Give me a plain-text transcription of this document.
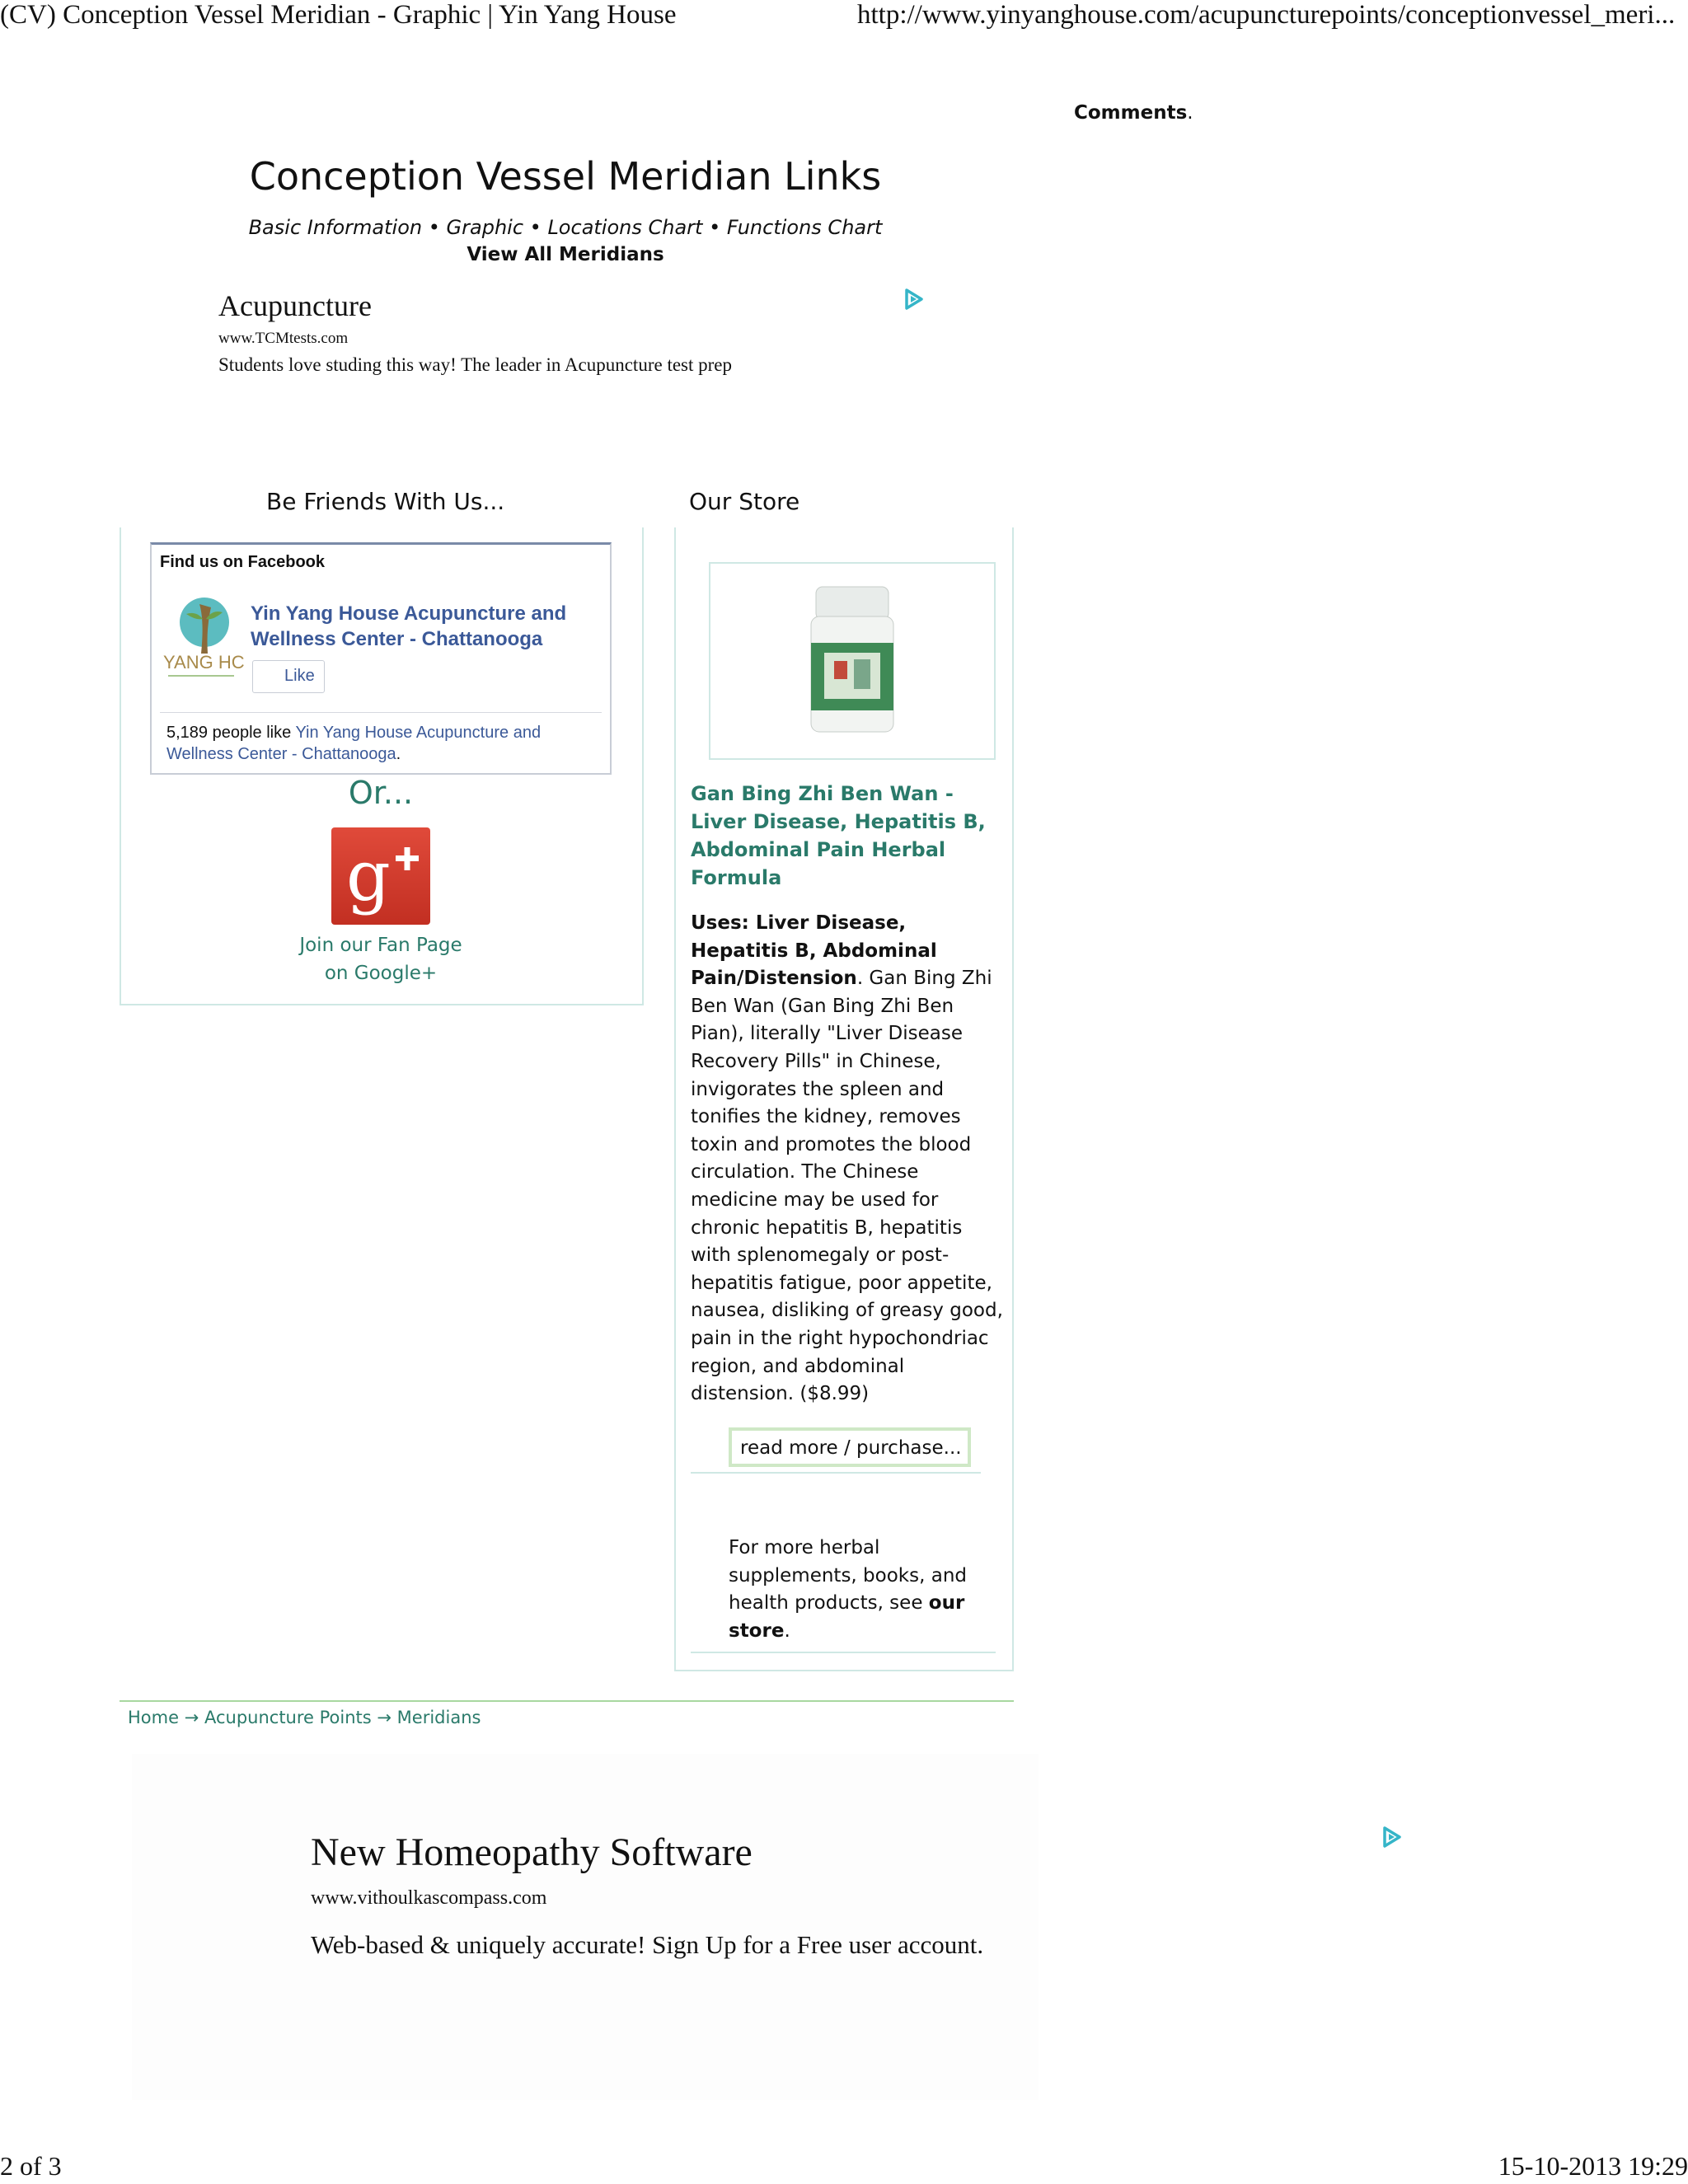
(CV) Conception Vessel Meridian - Graphic | Yin Yang House	http://www.yinyanghouse.com/acupuncturepoints/conceptionvessel_meri...
Comments.
Conception Vessel Meridian Links
Basic Information • Graphic • Locations Chart • Functions Chart
View All Meridians
Acupuncture
www.TCMtests.com
Students love studing this way! The leader in Acupuncture test prep
Be Friends With Us...
Find us on Facebook
YANG HC
Yin Yang House Acupuncture and Wellness Center - Chattanooga
Like
5,189 people like Yin Yang House Acupuncture and Wellness Center - Chattanooga.
Or...
g
Join our Fan Page
on Google+
Our Store
Gan Bing Zhi Ben Wan - Liver Disease, Hepatitis B, Abdominal Pain Herbal Formula
Uses: Liver Disease, Hepatitis B, Abdominal Pain/Distension. Gan Bing Zhi Ben Wan (Gan Bing Zhi Ben Pian), literally "Liver Disease Recovery Pills" in Chinese, invigorates the spleen and tonifies the kidney, removes toxin and promotes the blood circulation. The Chinese medicine may be used for chronic hepatitis B, hepatitis with splenomegaly or post-hepatitis fatigue, poor appetite, nausea, disliking of greasy good, pain in the right hypochondriac region, and abdominal distension. ($8.99)
read more / purchase...
For more herbal supplements, books, and health products, see our store.
Home → Acupuncture Points → Meridians
New Homeopathy Software
www.vithoulkascompass.com
Web-based & uniquely accurate! Sign Up for a Free user account.
2 of 3	15-10-2013 19:29
